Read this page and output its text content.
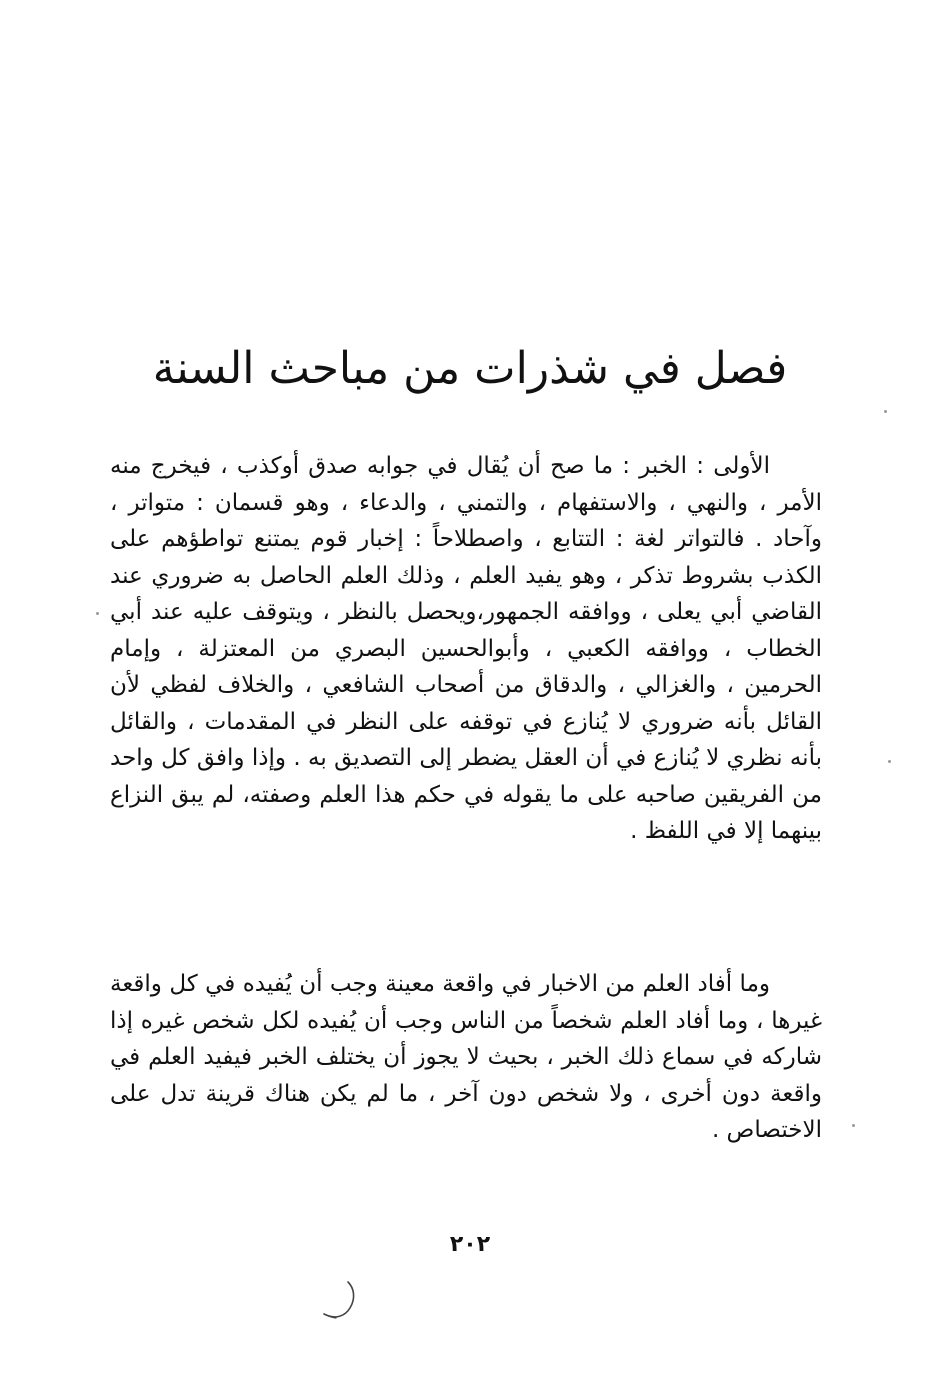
فصل في شذرات من مباحث السنة

الأولى : الخبر : ما صح أن يُقال في جوابه صدق أوكذب ، فيخرج منه الأمر ، والنهي ، والاستفهام ، والتمني ، والدعاء ، وهو قسمان : متواتر ، وآحاد . فالتواتر لغة : التتابع ، واصطلاحاً : إخبار قوم يمتنع تواطؤهم على الكذب بشروط تذكر ، وهو يفيد العلم ، وذلك العلم الحاصل به ضروري عند القاضي أبي يعلى ، ووافقه الجمهور،ويحصل بالنظر ، ويتوقف عليه عند أبي الخطاب ، ووافقه الكعبي ، وأبوالحسين البصري من المعتزلة ، وإمام الحرمين ، والغزالي ، والدقاق من أصحاب الشافعي ، والخلاف لفظي لأن القائل بأنه ضروري لا يُنازع في توقفه على النظر في المقدمات ، والقائل بأنه نظري لا يُنازع في أن العقل يضطر إلى التصديق به . وإذا وافق كل واحد من الفريقين صاحبه على ما يقوله في حكم هذا العلم وصفته، لم يبق النزاع بينهما إلا في اللفظ .

وما أفاد العلم من الاخبار في واقعة معينة وجب أن يُفيده في كل واقعة غيرها ، وما أفاد العلم شخصاً من الناس وجب أن يُفيده لكل شخص غيره إذا شاركه في سماع ذلك الخبر ، بحيث لا يجوز أن يختلف الخبر فيفيد العلم في واقعة دون أخرى ، ولا شخص دون آخر ، ما لم يكن هناك قرينة تدل على الاختصاص .

٢٠٢
